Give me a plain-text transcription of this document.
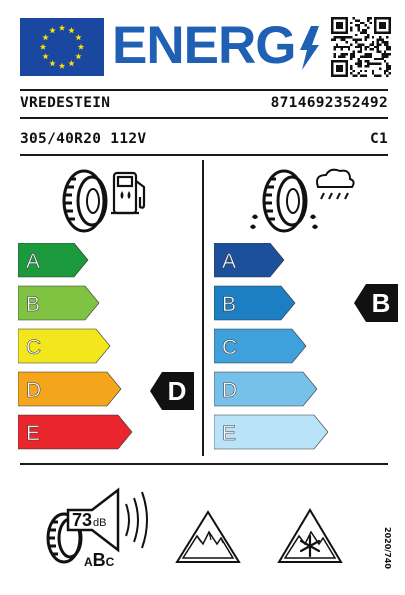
ENERG
VREDESTEIN	8714692352492
305/40R20 112V	C1
A
B
C
D
E
D
A
B
C
D
E
B
73dB
ABC	2020/740
